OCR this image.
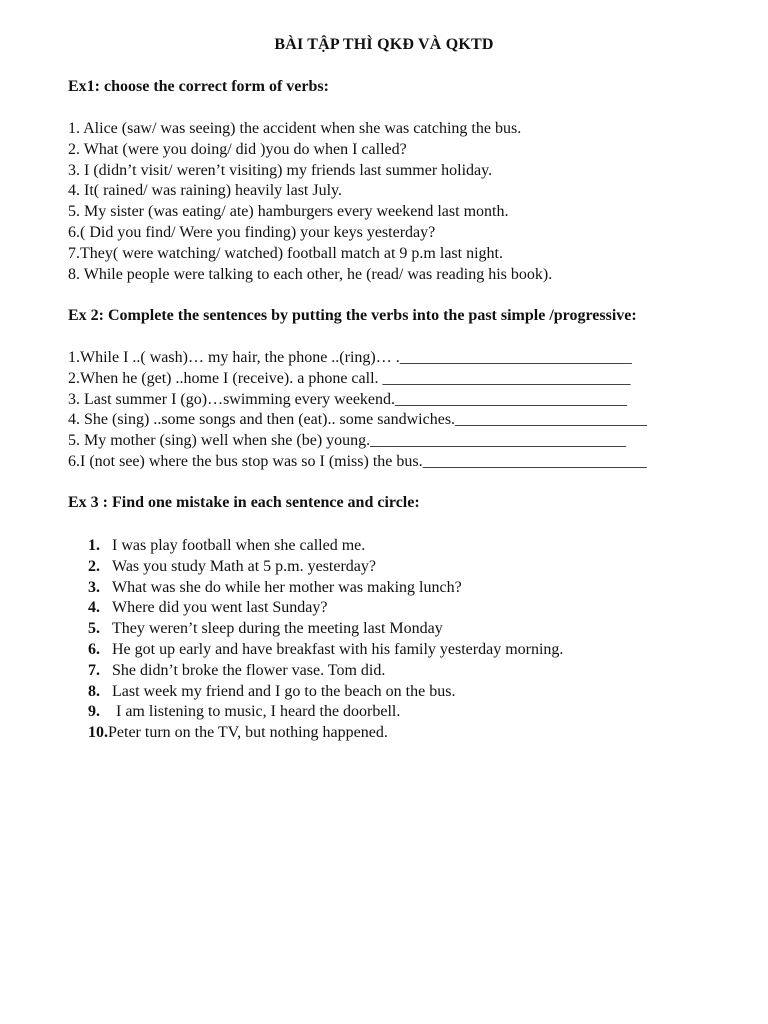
BÀI TẬP THÌ QKĐ VÀ QKTD
Ex1: choose the correct form of verbs:
1. Alice (saw/ was seeing) the accident when she was catching the bus.
2. What (were you doing/ did )you do when I called?
3. I (didn’t visit/ weren’t visiting) my friends last summer holiday.
4. It( rained/ was raining) heavily last July.
5. My sister (was eating/ ate) hamburgers every weekend last month.
6.( Did you find/ Were you finding) your keys yesterday?
7.They( were watching/ watched) football match at 9 p.m last night.
8. While people were talking to each other, he (read/ was reading his book).
Ex 2: Complete the sentences by putting the verbs into the past simple /progressive:
1.While I ..( wash)… my hair, the phone ..(ring)… ._____________________________
2.When he (get) ..home I (receive). a phone call. _______________________________
3. Last summer I (go)…swimming every weekend._____________________________
4. She (sing) ..some songs and then (eat).. some sandwiches.________________________
5. My mother (sing) well when she (be) young.________________________________
6.I (not see) where the bus stop was so I (miss) the bus.____________________________
Ex 3 : Find one mistake in each sentence and circle:
1. I was play football when she called me.
2. Was you study Math at 5 p.m. yesterday?
3. What was she do while her mother was making lunch?
4. Where did you went last Sunday?
5. They weren’t sleep during the meeting last Monday
6. He got up early and have breakfast with his family yesterday morning.
7. She didn’t broke the flower vase. Tom did.
8. Last week my friend and I go to the beach on the bus.
9. I am listening to music, I heard the doorbell.
10. Peter turn on the TV, but nothing happened.
